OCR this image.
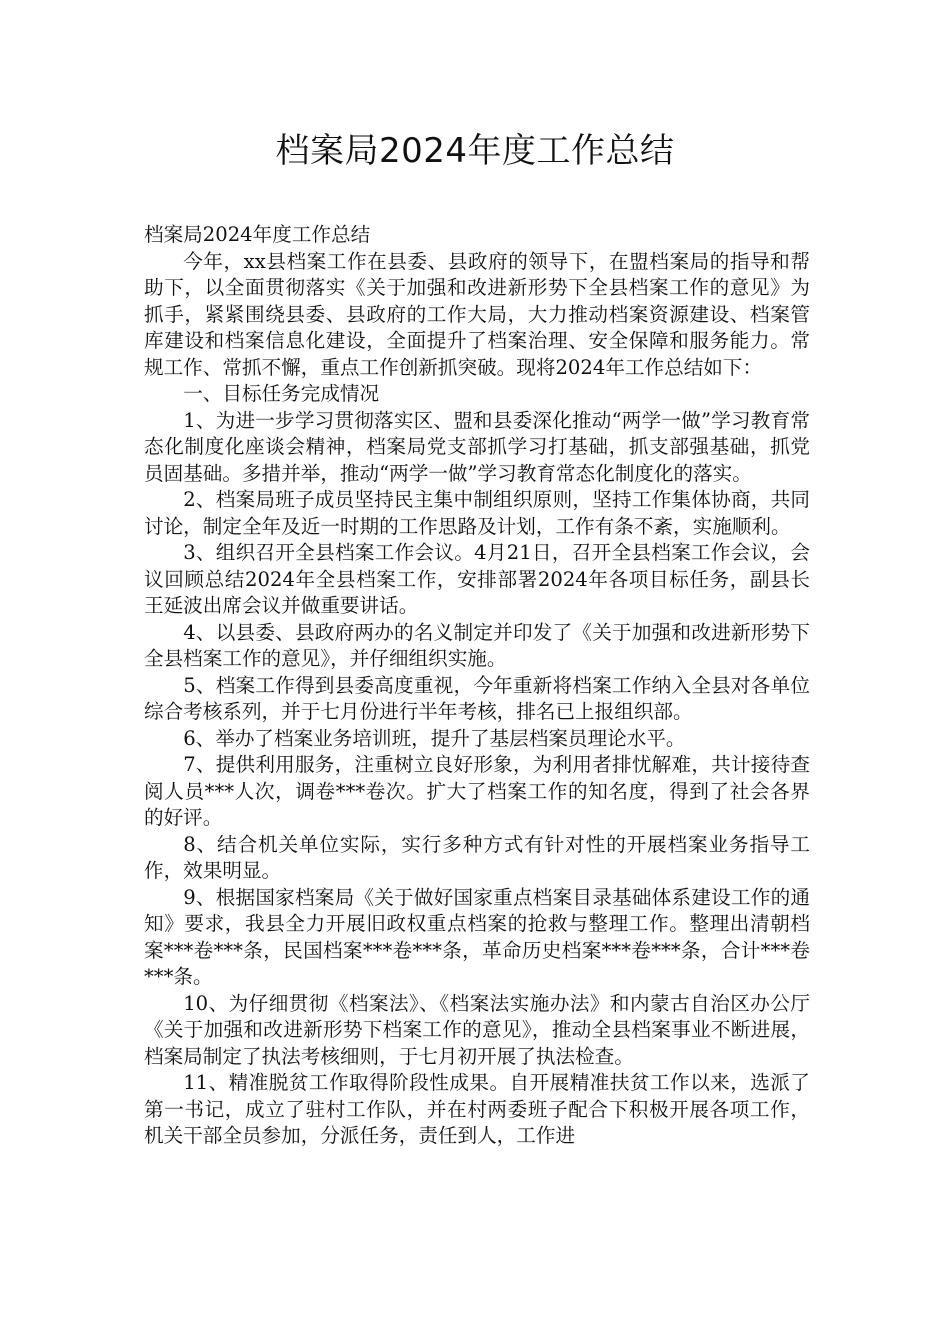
档案局2024年度工作总结

档案局2024年度工作总结

今年，xx县档案工作在县委、县政府的领导下，在盟档案局的指导和帮助下，以全面贯彻落实《关于加强和改进新形势下全县档案工作的意见》为抓手，紧紧围绕县委、县政府的工作大局，大力推动档案资源建设、档案管库建设和档案信息化建设，全面提升了档案治理、安全保障和服务能力。常规工作、常抓不懈，重点工作创新抓突破。现将2024年工作总结如下：

一、目标任务完成情况

1、为进一步学习贯彻落实区、盟和县委深化推动“两学一做”学习教育常态化制度化座谈会精神，档案局党支部抓学习打基础，抓支部强基础，抓党员固基础。多措并举，推动“两学一做”学习教育常态化制度化的落实。

2、档案局班子成员坚持民主集中制组织原则，坚持工作集体协商，共同讨论，制定全年及近一时期的工作思路及计划，工作有条不紊，实施顺利。

3、组织召开全县档案工作会议。4月21日，召开全县档案工作会议，会议回顾总结2024年全县档案工作，安排部署2024年各项目标任务，副县长王延波出席会议并做重要讲话。

4、以县委、县政府两办的名义制定并印发了《关于加强和改进新形势下全县档案工作的意见》，并仔细组织实施。

5、档案工作得到县委高度重视，今年重新将档案工作纳入全县对各单位综合考核系列，并于七月份进行半年考核，排名已上报组织部。

6、举办了档案业务培训班，提升了基层档案员理论水平。

7、提供利用服务，注重树立良好形象，为利用者排忧解难，共计接待查阅人员***人次，调卷***卷次。扩大了档案工作的知名度，得到了社会各界的好评。

8、结合机关单位实际，实行多种方式有针对性的开展档案业务指导工作，效果明显。

9、根据国家档案局《关于做好国家重点档案目录基础体系建设工作的通知》要求，我县全力开展旧政权重点档案的抢救与整理工作。整理出清朝档案***卷***条，民国档案***卷***条，革命历史档案***卷***条，合计***卷***条。

10、为仔细贯彻《档案法》、《档案法实施办法》和内蒙古自治区办公厅《关于加强和改进新形势下档案工作的意见》，推动全县档案事业不断进展，档案局制定了执法考核细则，于七月初开展了执法检查。

11、精准脱贫工作取得阶段性成果。自开展精准扶贫工作以来，选派了第一书记，成立了驻村工作队，并在村两委班子配合下积极开展各项工作，机关干部全员参加，分派任务，责任到人，工作进
